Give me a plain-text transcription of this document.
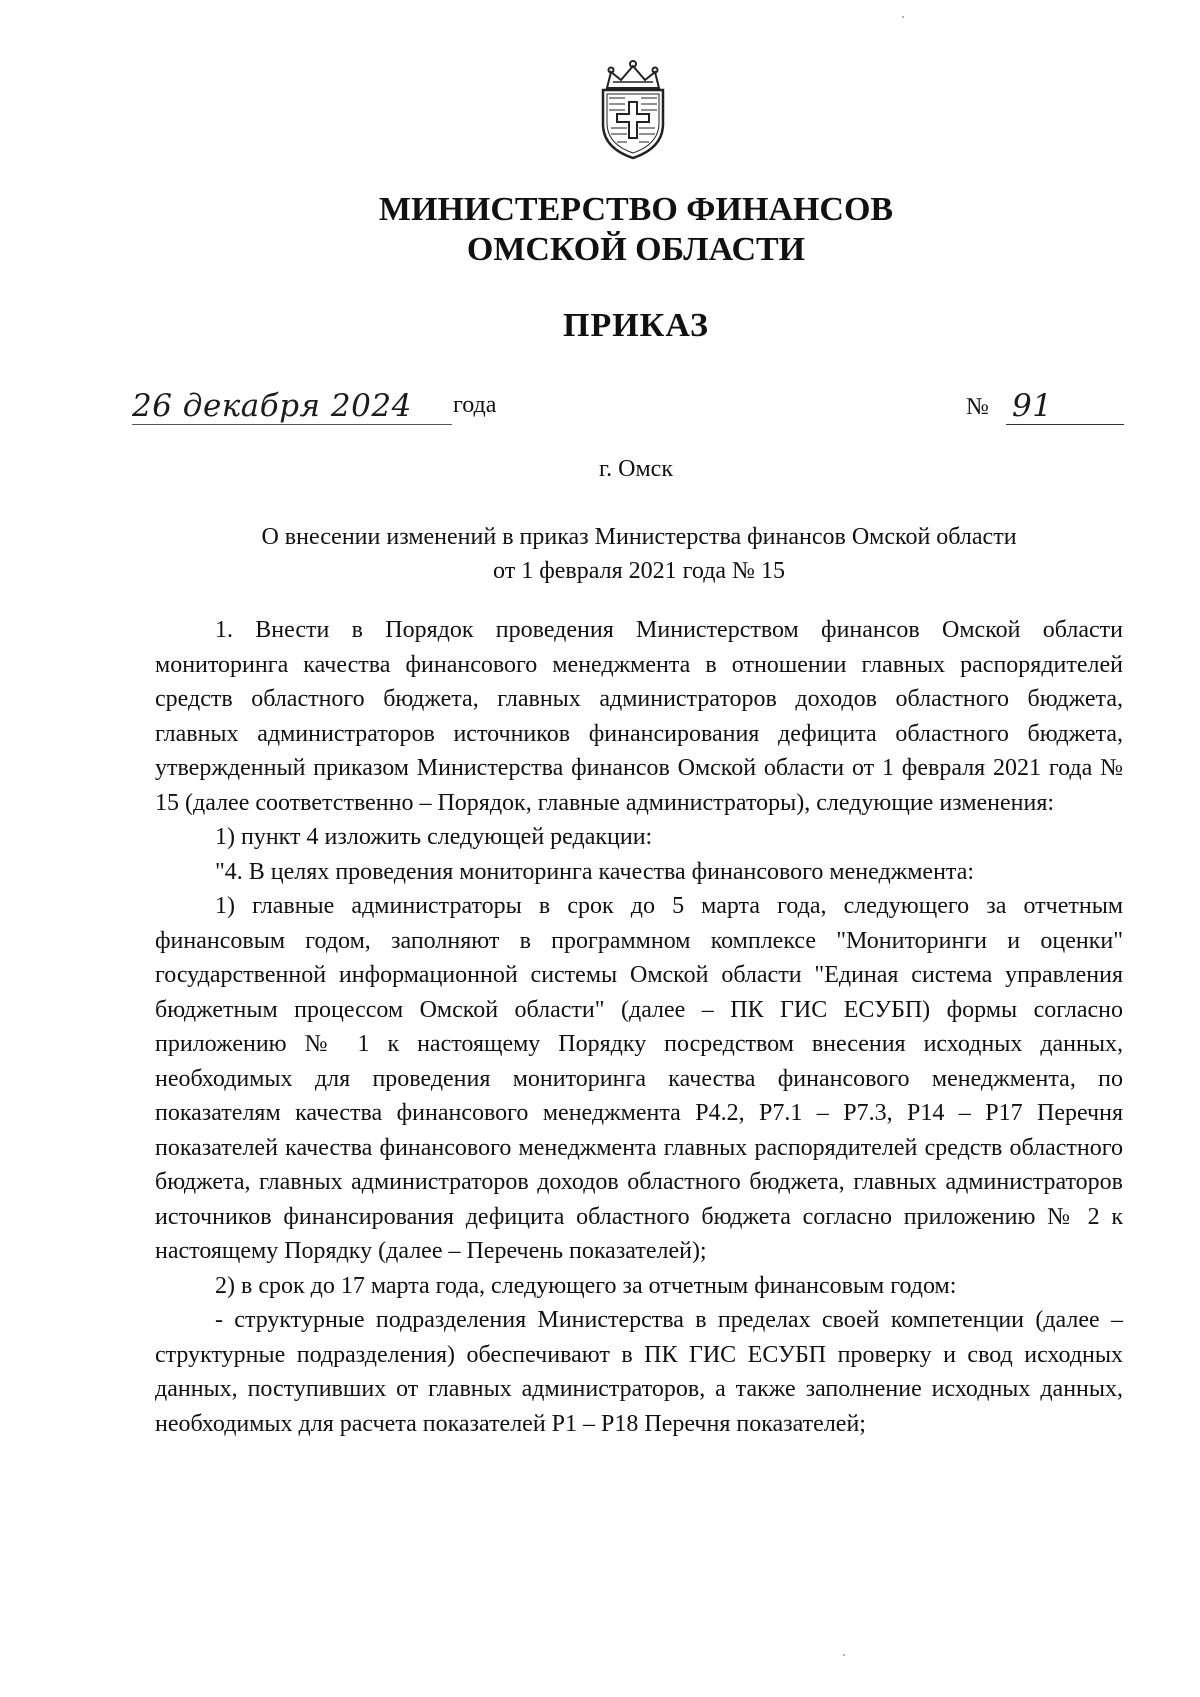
МИНИСТЕРСТВО ФИНАНСОВ
ОМСКОЙ ОБЛАСТИ
ПРИКАЗ
26 декабря 2024 года	№ 91
г. Омск
О внесении изменений в приказ Министерства финансов Омской области
от 1 февраля 2021 года № 15

1. Внести в Порядок проведения Министерством финансов Омской области мониторинга качества финансового менеджмента в отношении главных распорядителей средств областного бюджета, главных администраторов доходов областного бюджета, главных администраторов источников финансирования дефицита областного бюджета, утвержденный приказом Министерства финансов Омской области от 1 февраля 2021 года № 15 (далее соответственно – Порядок, главные администраторы), следующие изменения:

1) пункт 4 изложить следующей редакции:

"4. В целях проведения мониторинга качества финансового менеджмента:

1) главные администраторы в срок до 5 марта года, следующего за отчетным финансовым годом, заполняют в программном комплексе "Мониторинги и оценки" государственной информационной системы Омской области "Единая система управления бюджетным процессом Омской области" (далее – ПК ГИС ЕСУБП) формы согласно приложению № 1 к настоящему Порядку посредством внесения исходных данных, необходимых для проведения мониторинга качества финансового менеджмента, по показателям качества финансового менеджмента P4.2, P7.1 – P7.3, P14 – P17 Перечня показателей качества финансового менеджмента главных распорядителей средств областного бюджета, главных администраторов доходов областного бюджета, главных администраторов источников финансирования дефицита областного бюджета согласно приложению № 2 к настоящему Порядку (далее – Перечень показателей);

2) в срок до 17 марта года, следующего за отчетным финансовым годом:

- структурные подразделения Министерства в пределах своей компетенции (далее – структурные подразделения) обеспечивают в ПК ГИС ЕСУБП проверку и свод исходных данных, поступивших от главных администраторов, а также заполнение исходных данных, необходимых для расчета показателей P1 – P18 Перечня показателей;
